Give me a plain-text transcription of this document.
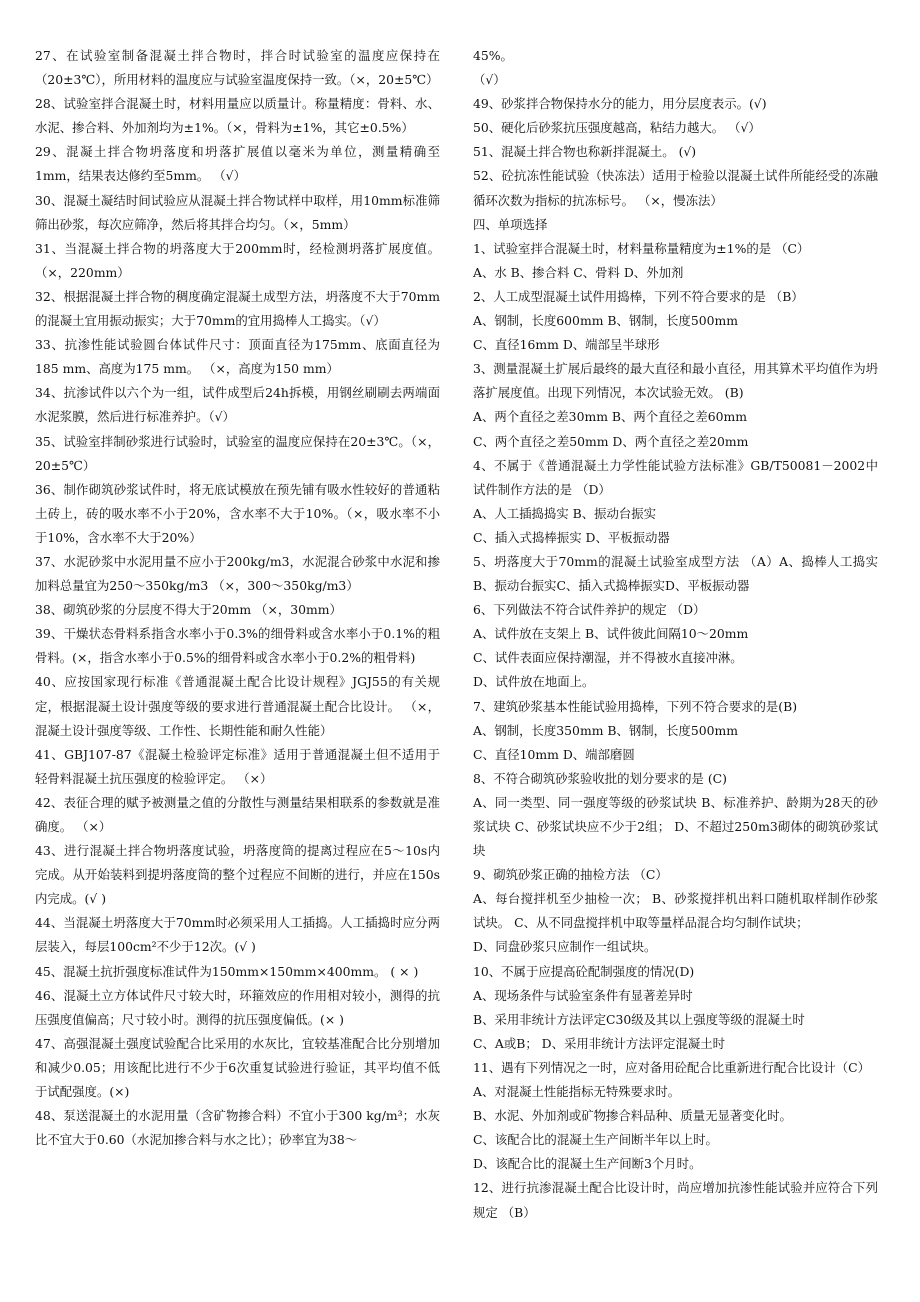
27、在试验室制备混凝土拌合物时，拌合时试验室的温度应保持在（20±3℃），所用材料的温度应与试验室温度保持一致。（×，20±5℃）

28、试验室拌合混凝土时，材料用量应以质量计。称量精度：骨料、水、水泥、掺合料、外加剂均为±1%。（×，骨料为±1%，其它±0.5%）

29、混凝土拌合物坍落度和坍落扩展值以毫米为单位，测量精确至1mm，结果表达修约至5mm。 （√）

30、混凝土凝结时间试验应从混凝土拌合物试样中取样，用10mm标准筛筛出砂浆，每次应筛净，然后将其拌合均匀。（×，5mm）

31、当混凝土拌合物的坍落度大于200mm时，经检测坍落扩展度值。（×，220mm）

32、根据混凝土拌合物的稠度确定混凝土成型方法，坍落度不大于70mm的混凝土宜用振动振实；大于70mm的宜用捣棒人工捣实。（√）

33、抗渗性能试验圆台体试件尺寸：顶面直径为175mm、底面直径为185 mm、高度为175 mm。 （×，高度为150 mm）

34、抗渗试件以六个为一组，试件成型后24h拆模，用钢丝刷刷去两端面水泥浆膜，然后进行标准养护。（√）

35、试验室拌制砂浆进行试验时，试验室的温度应保持在20±3℃。（×，20±5℃）

36、制作砌筑砂浆试件时，将无底试模放在预先铺有吸水性较好的普通粘土砖上，砖的吸水率不小于20%，含水率不大于10%。（×，吸水率不小于10%，含水率不大于20%）

37、水泥砂浆中水泥用量不应小于200kg/m3，水泥混合砂浆中水泥和掺加料总量宜为250～350kg/m3 （×，300～350kg/m3）

38、砌筑砂浆的分层度不得大于20mm （×，30mm）

39、干燥状态骨料系指含水率小于0.3%的细骨料或含水率小于0.1%的粗骨料。(×，指含水率小于0.5%的细骨料或含水率小于0.2%的粗骨料)

40、应按国家现行标准《普通混凝土配合比设计规程》JGJ55的有关规定，根据混凝土设计强度等级的要求进行普通混凝土配合比设计。 （×，混凝土设计强度等级、工作性、长期性能和耐久性能）

41、GBJ107-87《混凝土检验评定标准》适用于普通混凝土但不适用于轻骨料混凝土抗压强度的检验评定。 （×）

42、表征合理的赋予被测量之值的分散性与测量结果相联系的参数就是准确度。 （×）

43、进行混凝土拌合物坍落度试验，坍落度筒的提离过程应在5～10s内完成。从开始装料到提坍落度筒的整个过程应不间断的进行，并应在150s内完成。(√ )

44、当混凝土坍落度大于70mm时必须采用人工插捣。人工插捣时应分两层装入，每层100cm²不少于12次。(√ )

45、混凝土抗折强度标准试件为150mm×150mm×400mm。 ( × )

46、混凝土立方体试件尺寸较大时，环箍效应的作用相对较小，测得的抗压强度值偏高；尺寸较小时。测得的抗压强度偏低。(× )

47、高强混凝土强度试验配合比采用的水灰比，宜较基准配合比分别增加和减少0.05；用该配比进行不少于6次重复试验进行验证，其平均值不低于试配强度。(×)

48、泵送混凝土的水泥用量（含矿物掺合料）不宜小于300 kg/m³；水灰比不宜大于0.60（水泥加掺合料与水之比）；砂率宜为38～

45%。

（√）

49、砂浆拌合物保持水分的能力，用分层度表示。(√)

50、硬化后砂浆抗压强度越高，粘结力越大。 （√）

51、混凝土拌合物也称新拌混凝土。 (√)

52、砼抗冻性能试验（快冻法）适用于检验以混凝土试件所能经受的冻融循环次数为指标的抗冻标号。 （×，慢冻法）

四、单项选择

1、试验室拌合混凝土时，材料量称量精度为±1%的是 （C）

A、水 B、掺合料 C、骨料 D、外加剂

2、人工成型混凝土试件用捣棒，下列不符合要求的是 （B）

A、钢制，长度600mm B、钢制，长度500mm

C、直径16mm D、端部呈半球形

3、测量混凝土扩展后最终的最大直径和最小直径，用其算术平均值作为坍落扩展度值。出现下列情况，本次试验无效。 (B)

A、两个直径之差30mm B、两个直径之差60mm

C、两个直径之差50mm D、两个直径之差20mm

4、不属于《普通混凝土力学性能试验方法标准》GB/T50081－2002中试件制作方法的是 （D）

A、人工插捣捣实 B、振动台振实

C、插入式捣棒振实 D、平板振动器

5、坍落度大于70mm的混凝土试验室成型方法 （A）A、捣棒人工捣实B、振动台振实C、插入式捣棒振实D、平板振动器

6、下列做法不符合试件养护的规定 （D）

A、试件放在支架上 B、试件彼此间隔10～20mm

C、试件表面应保持潮湿，并不得被水直接冲淋。

D、试件放在地面上。

7、建筑砂浆基本性能试验用捣棒，下列不符合要求的是(B)

A、钢制，长度350mm B、钢制，长度500mm

C、直径10mm D、端部磨圆

8、不符合砌筑砂浆验收批的划分要求的是 (C)

A、同一类型、同一强度等级的砂浆试块 B、标准养护、龄期为28天的砂浆试块 C、砂浆试块应不少于2组； D、不超过250m3砌体的砌筑砂浆试块

9、砌筑砂浆正确的抽检方法 （C）

A、每台搅拌机至少抽检一次； B、砂浆搅拌机出料口随机取样制作砂浆试块。 C、从不同盘搅拌机中取等量样品混合均匀制作试块；

D、同盘砂浆只应制作一组试块。

10、不属于应提高砼配制强度的情况(D)

A、现场条件与试验室条件有显著差异时

B、采用非统计方法评定C30级及其以上强度等级的混凝土时

C、A或B； D、采用非统计方法评定混凝土时

11、遇有下列情况之一时，应对备用砼配合比重新进行配合比设计（C）

A、对混凝土性能指标无特殊要求时。

B、水泥、外加剂或矿物掺合料品种、质量无显著变化时。

C、该配合比的混凝土生产间断半年以上时。

D、该配合比的混凝土生产间断3个月时。

12、进行抗渗混凝土配合比设计时，尚应增加抗渗性能试验并应符合下列规定 （B）
